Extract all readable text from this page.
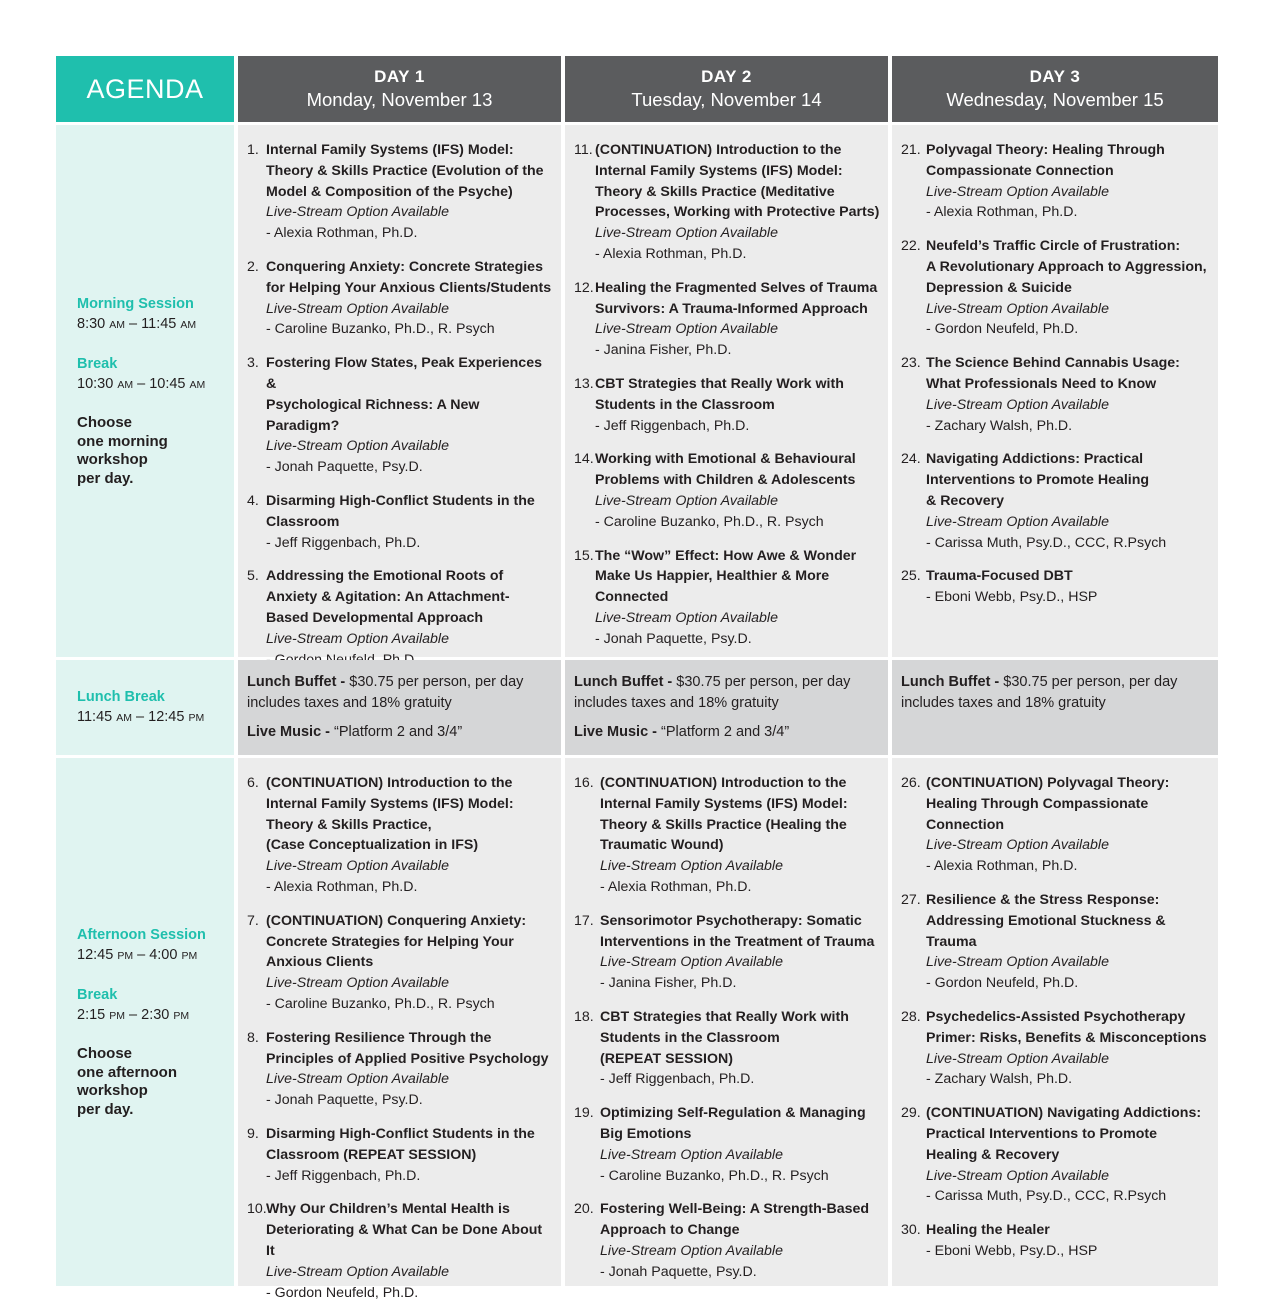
AGENDA	DAY 1
Monday, November 13
DAY 2
Tuesday, November 14
DAY 3
Wednesday, November 15
Morning Session
8:30 AM – 11:45 AM
Break
10:30 AM – 10:45 AM
Choose
one morning
workshop
per day.
1. Internal Family Systems (IFS) Model:
Theory & Skills Practice (Evolution of the
Model & Composition of the Psyche)
Live-Stream Option Available
- Alexia Rothman, Ph.D.
2. Conquering Anxiety: Concrete Strategies
for Helping Your Anxious Clients/Students
Live-Stream Option Available
- Caroline Buzanko, Ph.D., R. Psych
3. Fostering Flow States, Peak Experiences &
Psychological Richness: A New Paradigm?
Live-Stream Option Available
- Jonah Paquette, Psy.D.
4. Disarming High-Conflict Students in the
Classroom
- Jeff Riggenbach, Ph.D.
5. Addressing the Emotional Roots of
Anxiety & Agitation: An Attachment-
Based Developmental Approach
Live-Stream Option Available
11. (CONTINUATION) Introduction to the
Internal Family Systems (IFS) Model:
Theory & Skills Practice (Meditative
Processes, Working with Protective Parts)
Live-Stream Option Available
- Alexia Rothman, Ph.D.
12. Healing the Fragmented Selves of Trauma
Survivors: A Trauma-Informed Approach
Live-Stream Option Available
- Janina Fisher, Ph.D.
13. CBT Strategies that Really Work with
Students in the Classroom
- Jeff Riggenbach, Ph.D.
14. Working with Emotional & Behavioural
Problems with Children & Adolescents
Live-Stream Option Available
- Caroline Buzanko, Ph.D., R. Psych
15. The “Wow” Effect: How Awe & Wonder
Make Us Happier, Healthier & More
Connected
Live-Stream Option Available
- Jonah Paquette, Psy.D.
21. Polyvagal Theory: Healing Through
Compassionate Connection
Live-Stream Option Available
- Alexia Rothman, Ph.D.
22. Neufeld’s Traffic Circle of Frustration:
A Revolutionary Approach to Aggression,
Depression & Suicide
Live-Stream Option Available
- Gordon Neufeld, Ph.D.
23. The Science Behind Cannabis Usage:
What Professionals Need to Know
Live-Stream Option Available
- Zachary Walsh, Ph.D.
24. Navigating Addictions: Practical
Interventions to Promote Healing
& Recovery
Live-Stream Option Available
- Carissa Muth, Psy.D., CCC, R.Psych
25. Trauma-Focused DBT
- Eboni Webb, Psy.D., HSP
Lunch Break
11:45 AM – 12:45 PM
Lunch Buffet - $30.75 per person, per day
includes taxes and 18% gratuity
Live Music - “Platform 2 and 3/4”
Lunch Buffet - $30.75 per person, per day
includes taxes and 18% gratuity
Live Music - “Platform 2 and 3/4”
Lunch Buffet - $30.75 per person, per day
includes taxes and 18% gratuity
Afternoon Session
12:45 PM – 4:00 PM
Break
2:15 PM – 2:30 PM
Choose
one afternoon
workshop
per day.
6. (CONTINUATION) Introduction to the
Internal Family Systems (IFS) Model:
Theory & Skills Practice,
(Case Conceptualization in IFS)
Live-Stream Option Available
- Alexia Rothman, Ph.D.
7. (CONTINUATION) Conquering Anxiety:
Concrete Strategies for Helping Your
Anxious Clients
Live-Stream Option Available
- Caroline Buzanko, Ph.D., R. Psych
8. Fostering Resilience Through the
Principles of Applied Positive Psychology
Live-Stream Option Available
- Jonah Paquette, Psy.D.
9. Disarming High-Conflict Students in the
Classroom (REPEAT SESSION)
- Jeff Riggenbach, Ph.D.
10. Why Our Children’s Mental Health is
Deteriorating & What Can be Done About It
Live-Stream Option Available
- Gordon Neufeld, Ph.D.
16. (CONTINUATION) Introduction to the
Internal Family Systems (IFS) Model:
Theory & Skills Practice (Healing the
Traumatic Wound)
Live-Stream Option Available
- Alexia Rothman, Ph.D.
17. Sensorimotor Psychotherapy: Somatic
Interventions in the Treatment of Trauma
Live-Stream Option Available
- Janina Fisher, Ph.D.
18. CBT Strategies that Really Work with
Students in the Classroom
(REPEAT SESSION)
- Jeff Riggenbach, Ph.D.
19. Optimizing Self-Regulation & Managing
Big Emotions
Live-Stream Option Available
- Caroline Buzanko, Ph.D., R. Psych
20. Fostering Well-Being: A Strength-Based
Approach to Change
Live-Stream Option Available
- Jonah Paquette, Psy.D.
26. (CONTINUATION) Polyvagal Theory:
Healing Through Compassionate
Connection
Live-Stream Option Available
- Alexia Rothman, Ph.D.
27. Resilience & the Stress Response:
Addressing Emotional Stuckness & Trauma
Live-Stream Option Available
- Gordon Neufeld, Ph.D.
28. Psychedelics-Assisted Psychotherapy
Primer: Risks, Benefits & Misconceptions
Live-Stream Option Available
- Zachary Walsh, Ph.D.
29. (CONTINUATION) Navigating Addictions:
Practical Interventions to Promote
Healing & Recovery
Live-Stream Option Available
- Carissa Muth, Psy.D., CCC, R.Psych
30. Healing the Healer
- Eboni Webb, Psy.D., HSP
